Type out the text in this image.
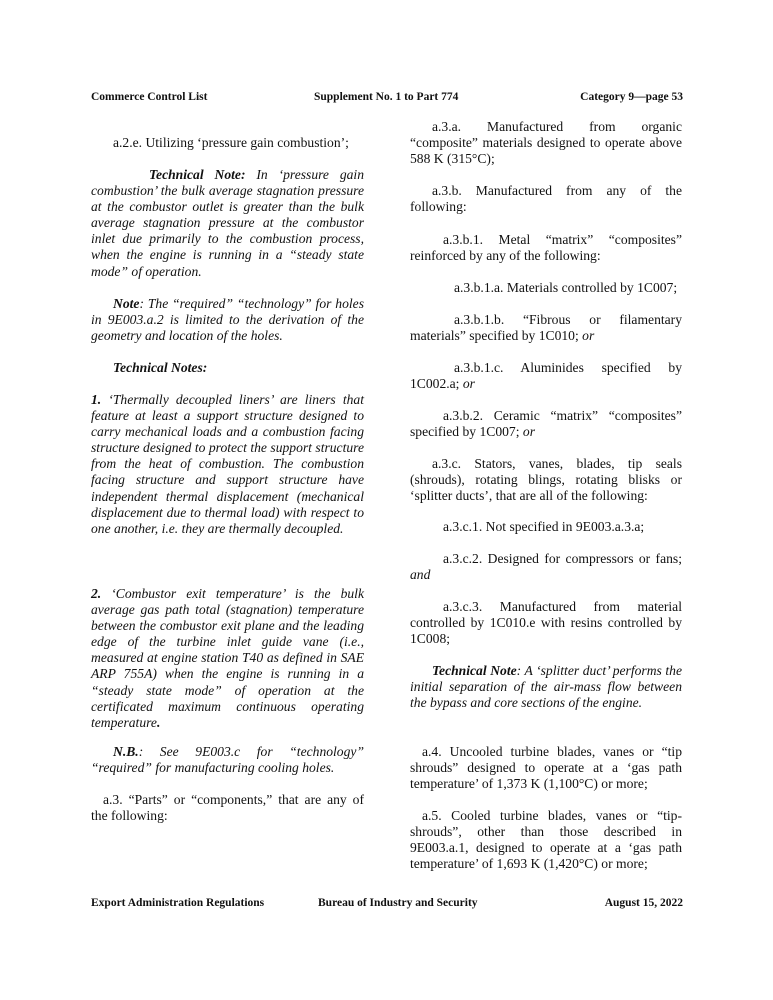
Commerce Control List	Supplement No. 1 to Part 774	Category 9—page 53

a.2.e. Utilizing ‘pressure gain combustion’;

Technical Note: In ‘pressure gain combustion’ the bulk average stagnation pressure at the combustor outlet is greater than the bulk average stagnation pressure at the combustor inlet due primarily to the combustion process, when the engine is running in a “steady state mode” of operation.

Note: The “required” “technology” for holes in 9E003.a.2 is limited to the derivation of the geometry and location of the holes.

Technical Notes:

1. ‘Thermally decoupled liners’ are liners that feature at least a support structure designed to carry mechanical loads and a combustion facing structure designed to protect the support structure from the heat of combustion. The combustion facing structure and support structure have independent thermal displacement (mechanical displacement due to thermal load) with respect to one another, i.e. they are thermally decoupled.

2. ‘Combustor exit temperature’ is the bulk average gas path total (stagnation) temperature between the combustor exit plane and the leading edge of the turbine inlet guide vane (i.e., measured at engine station T40 as defined in SAE ARP 755A) when the engine is running in a “steady state mode” of operation at the certificated maximum continuous operating temperature.

N.B.: See 9E003.c for “technology” “required” for manufacturing cooling holes.

a.3. “Parts” or “components,” that are any of the following:

a.3.a. Manufactured from organic “composite” materials designed to operate above 588 K (315°C);

a.3.b. Manufactured from any of the following:

a.3.b.1. Metal “matrix” “composites” reinforced by any of the following:

a.3.b.1.a. Materials controlled by 1C007;

a.3.b.1.b. “Fibrous or filamentary materials” specified by 1C010; or

a.3.b.1.c. Aluminides specified by 1C002.a; or

a.3.b.2. Ceramic “matrix” “composites” specified by 1C007; or

a.3.c. Stators, vanes, blades, tip seals (shrouds), rotating blings, rotating blisks or ‘splitter ducts’, that are all of the following:

a.3.c.1. Not specified in 9E003.a.3.a;

a.3.c.2. Designed for compressors or fans; and

a.3.c.3. Manufactured from material controlled by 1C010.e with resins controlled by 1C008;

Technical Note: A ‘splitter duct’ performs the initial separation of the air-mass flow between the bypass and core sections of the engine.

a.4. Uncooled turbine blades, vanes or “tip shrouds” designed to operate at a ‘gas path temperature’ of 1,373 K (1,100°C) or more;

a.5. Cooled turbine blades, vanes or “tip-shrouds”, other than those described in 9E003.a.1, designed to operate at a ‘gas path temperature’ of 1,693 K (1,420°C) or more;

Export Administration Regulations	Bureau of Industry and Security	August 15, 2022
